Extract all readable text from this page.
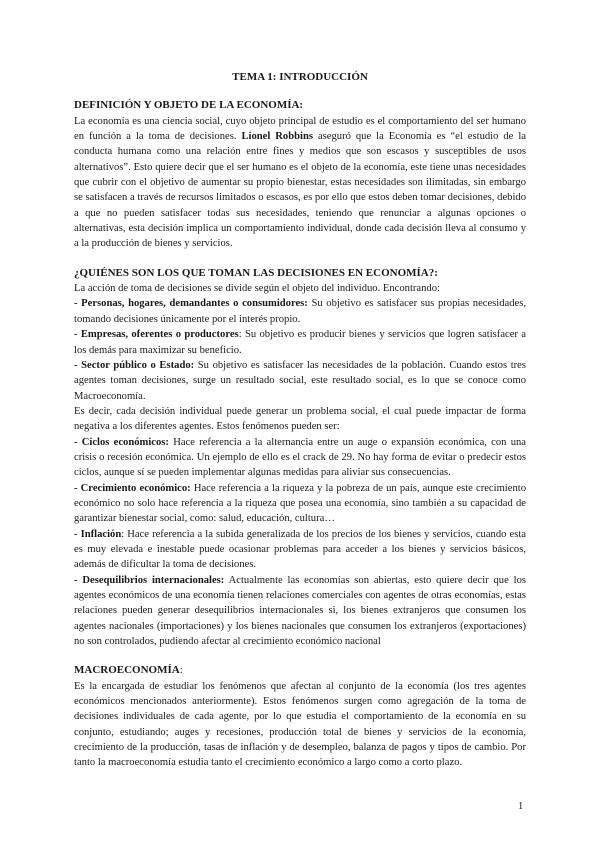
TEMA 1: INTRODUCCIÓN
DEFINICIÓN Y OBJETO DE LA ECONOMÍA:

La economía es una ciencia social, cuyo objeto principal de estudio es el comportamiento del ser humano en función a la toma de decisiones. Lionel Robbins aseguró que la Economía es “el estudio de la conducta humana como una relación entre fines y medios que son escasos y susceptibles de usos alternativos”. Esto quiere decir que el ser humano es el objeto de la economía, este tiene unas necesidades que cubrir con el objetivo de aumentar su propio bienestar, estas necesidades son ilimitadas, sin embargo se satisfacen a través de recursos limitados o escasos, es por ello que estos deben tomar decisiones, debido a que no pueden satisfacer todas sus necesidades, teniendo que renunciar a algunas opciones o alternativas, esta decisión implica un comportamiento individual, donde cada decisión lleva al consumo y a la producción de bienes y servicios.

¿QUIÉNES SON LOS QUE TOMAN LAS DECISIONES EN ECONOMÍA?:

La acción de toma de decisiones se divide según el objeto del individuo. Encontrando:

- Personas, hogares, demandantes o consumidores: Su objetivo es satisfacer sus propias necesidades, tomando decisiones únicamente por el interés propio.

- Empresas, oferentes o productores: Su objetivo es producir bienes y servicios que logren satisfacer a los demás para maximizar su beneficio.

- Sector público o Estado: Su objetivo es satisfacer las necesidades de la población. Cuando estos tres agentes toman decisiones, surge un resultado social, este resultado social, es lo que se conoce como Macroeconomía.

Es decir, cada decisión individual puede generar un problema social, el cual puede impactar de forma negativa a los diferentes agentes. Estos fenómenos pueden ser:

- Ciclos económicos: Hace referencia a la alternancia entre un auge o expansión económica, con una crisis o recesión económica. Un ejemplo de ello es el crack de 29. No hay forma de evitar o predecir estos ciclos, aunque sí se pueden implementar algunas medidas para aliviar sus consecuencias.

- Crecimiento económico: Hace referencia a la riqueza y la pobreza de un país, aunque este crecimiento económico no solo hace referencia a la riqueza que posea una economía, sino también a su capacidad de garantizar bienestar social, como: salud, educación, cultura…

- Inflación: Hace referencia a la subida generalizada de los precios de los bienes y servicios, cuando esta es muy elevada e inestable puede ocasionar problemas para acceder a los bienes y servicios básicos, además de dificultar la toma de decisiones.

- Desequilibrios internacionales: Actualmente las economías son abiertas, esto quiere decir que los agentes económicos de una economía tienen relaciones comerciales con agentes de otras economías, estas relaciones pueden generar desequilibrios internacionales si, los bienes extranjeros que consumen los agentes nacionales (importaciones) y los bienes nacionales que consumen los extranjeros (exportaciones) no son controlados, pudiendo afectar al crecimiento económico nacional

MACROECONOMÍA:

Es la encargada de estudiar los fenómenos que afectan al conjunto de la economía (los tres agentes económicos mencionados anteriormente). Estos fenómenos surgen como agregación de la toma de decisiones individuales de cada agente, por lo que estudia el comportamiento de la economía en su conjunto, estudiando; auges y recesiones, producción total de bienes y servicios de la economía, crecimiento de la producción, tasas de inflación y de desempleo, balanza de pagos y tipos de cambio. Por tanto la macroeconomía estudia tanto el crecimiento económico a largo como a corto plazo.

1
